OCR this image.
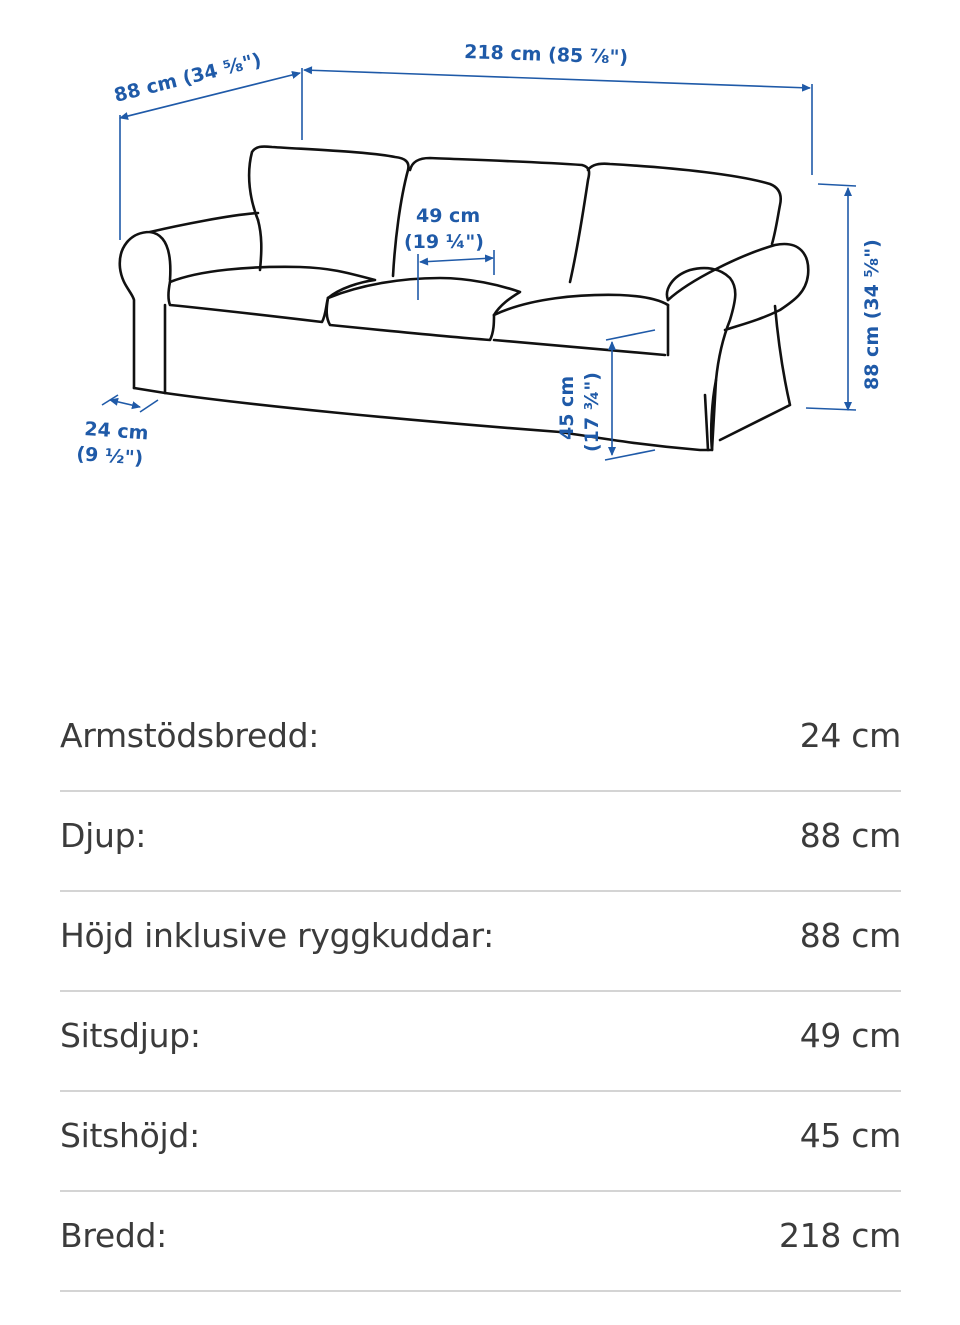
88 cm (34 ⁵⁄₈")	218 cm (85 ⅞")
49 cm
(19 ¼")	88 cm (34 ⁵⁄₈")
45 cm (17 ¾")
24 cm
(9 ½")
Armstödsbredd:	24 cm
Djup:	88 cm
Höjd inklusive ryggkuddar:	88 cm
Sitsdjup:	49 cm
Sitshöjd:	45 cm
Bredd:	218 cm
